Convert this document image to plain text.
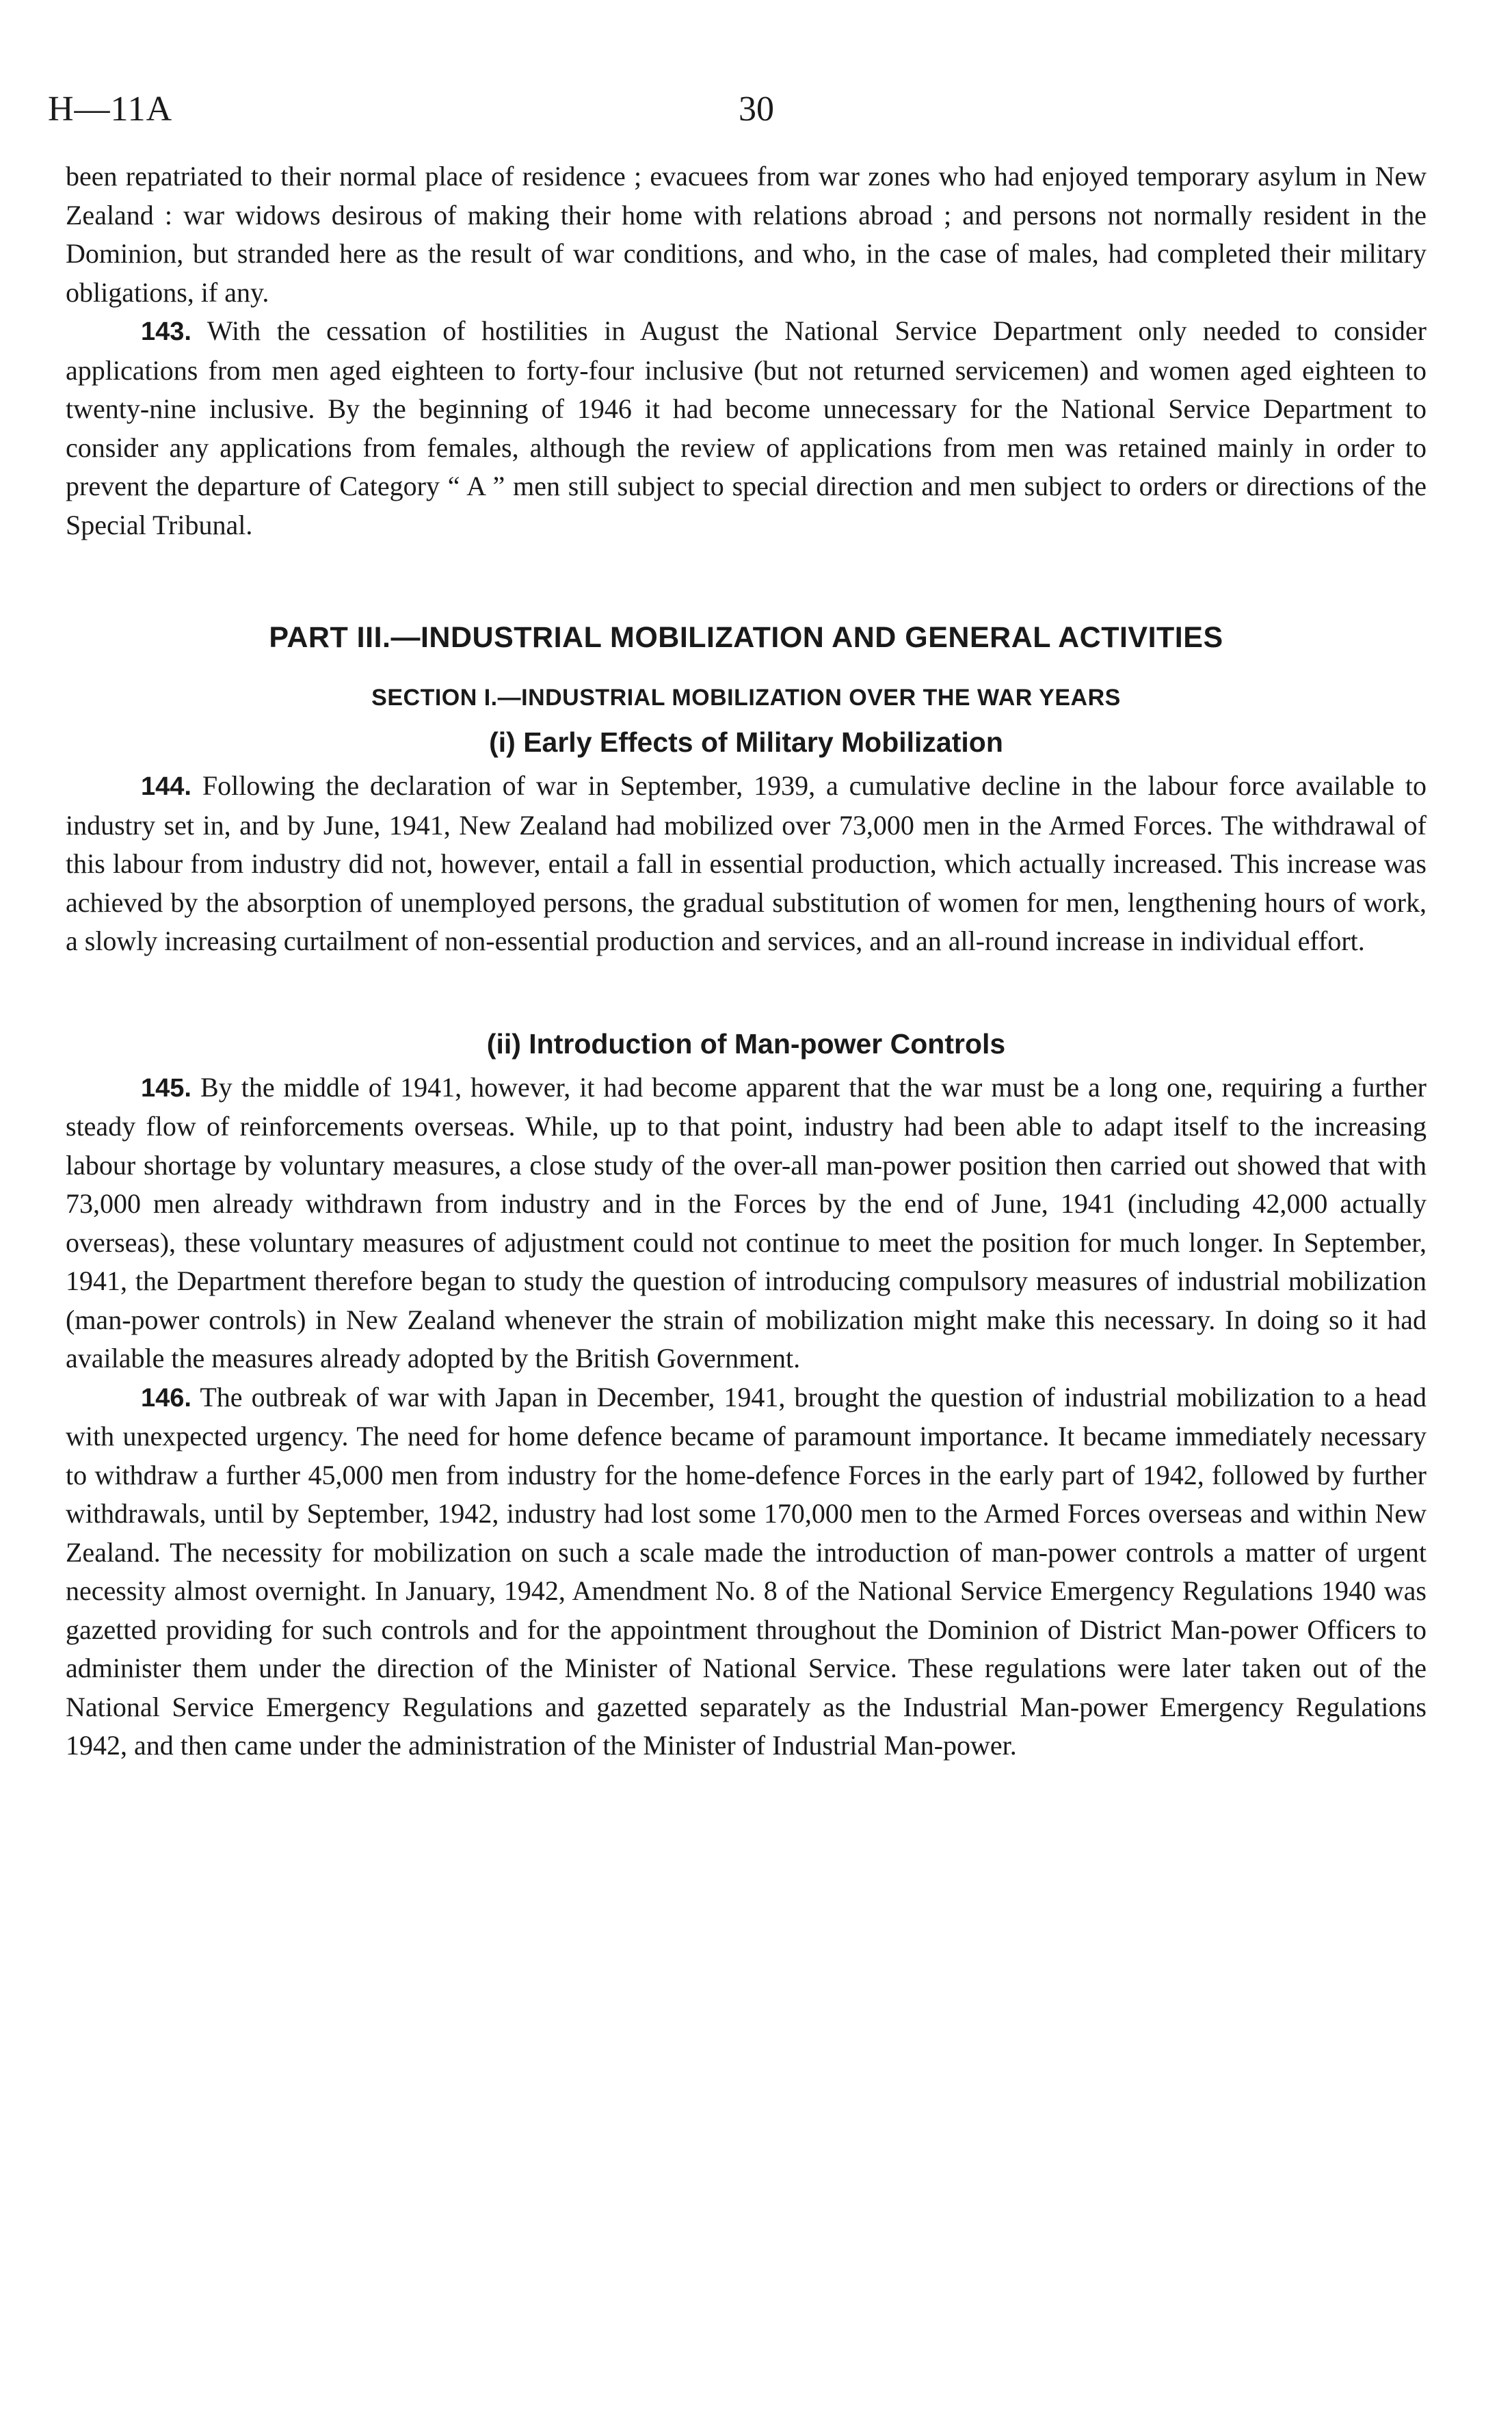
H—11A	30

been repatriated to their normal place of residence ; evacuees from war zones who had enjoyed temporary asylum in New Zealand : war widows desirous of making their home with relations abroad ; and persons not normally resident in the Dominion, but stranded here as the result of war conditions, and who, in the case of males, had completed their military obligations, if any.

143. With the cessation of hostilities in August the National Service Department only needed to consider applications from men aged eighteen to forty-four inclusive (but not returned servicemen) and women aged eighteen to twenty-nine inclusive. By the beginning of 1946 it had become unnecessary for the National Service Department to consider any applications from females, although the review of applications from men was retained mainly in order to prevent the departure of Category “ A ” men still subject to special direction and men subject to orders or directions of the Special Tribunal.

PART III.—INDUSTRIAL MOBILIZATION AND GENERAL ACTIVITIES
SECTION I.—INDUSTRIAL MOBILIZATION OVER THE WAR YEARS
(i) Early Effects of Military Mobilization

144. Following the declaration of war in September, 1939, a cumulative decline in the labour force available to industry set in, and by June, 1941, New Zealand had mobilized over 73,000 men in the Armed Forces. The withdrawal of this labour from industry did not, however, entail a fall in essential production, which actually increased. This increase was achieved by the absorption of unemployed persons, the gradual substitution of women for men, lengthening hours of work, a slowly increasing curtailment of non-essential production and services, and an all-round increase in individual effort.

(ii) Introduction of Man-power Controls

145. By the middle of 1941, however, it had become apparent that the war must be a long one, requiring a further steady flow of reinforcements overseas. While, up to that point, industry had been able to adapt itself to the increasing labour shortage by voluntary measures, a close study of the over-all man-power position then carried out showed that with 73,000 men already withdrawn from industry and in the Forces by the end of June, 1941 (including 42,000 actually overseas), these voluntary measures of adjustment could not continue to meet the position for much longer. In September, 1941, the Department therefore began to study the question of introducing compulsory measures of industrial mobilization (man-power controls) in New Zealand whenever the strain of mobilization might make this necessary. In doing so it had available the measures already adopted by the British Government.

146. The outbreak of war with Japan in December, 1941, brought the question of industrial mobilization to a head with unexpected urgency. The need for home defence became of paramount importance. It became immediately necessary to withdraw a further 45,000 men from industry for the home-defence Forces in the early part of 1942, followed by further withdrawals, until by September, 1942, industry had lost some 170,000 men to the Armed Forces overseas and within New Zealand. The necessity for mobilization on such a scale made the introduction of man-power controls a matter of urgent necessity almost overnight. In January, 1942, Amendment No. 8 of the National Service Emergency Regulations 1940 was gazetted providing for such controls and for the appointment throughout the Dominion of District Man-power Officers to administer them under the direction of the Minister of National Service. These regulations were later taken out of the National Service Emergency Regulations and gazetted separately as the Industrial Man-power Emergency Regulations 1942, and then came under the administration of the Minister of Industrial Man-power.
